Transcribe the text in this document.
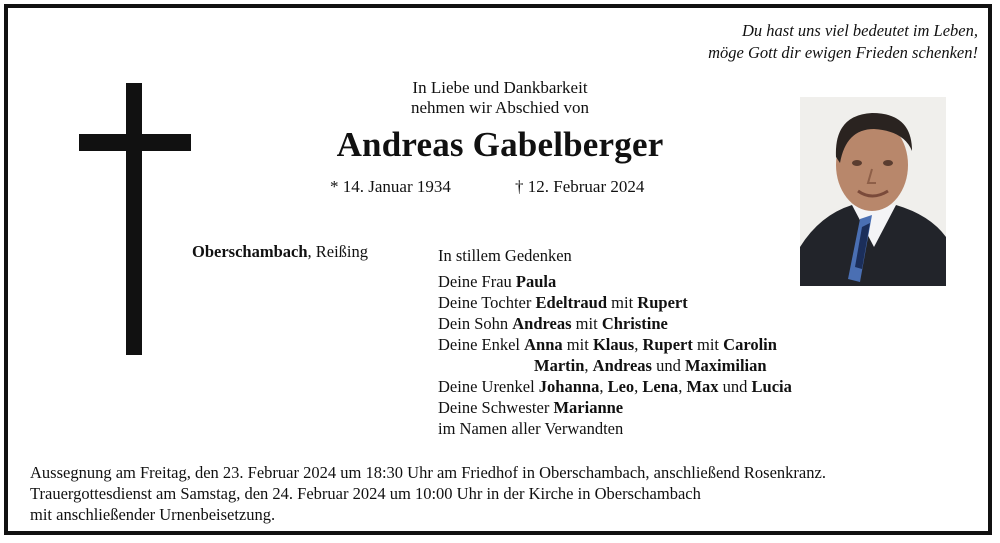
Du hast uns viel bedeutet im Leben,
möge Gott dir ewigen Frieden schenken!
In Liebe und Dankbarkeit
nehmen wir Abschied von
Andreas Gabelberger
* 14. Januar 1934	† 12. Februar 2024
Oberschambach, Reißing	In stillem Gedenken
Deine Frau Paula
Deine Tochter Edeltraud mit Rupert
Dein Sohn Andreas mit Christine
Deine Enkel Anna mit Klaus, Rupert mit Carolin
Martin, Andreas und Maximilian
Deine Urenkel Johanna, Leo, Lena, Max und Lucia
Deine Schwester Marianne
im Namen aller Verwandten
Aussegnung am Freitag, den 23. Februar 2024 um 18:30 Uhr am Friedhof in Oberschambach, anschließend Rosenkranz.
Trauergottesdienst am Samstag, den 24. Februar 2024 um 10:00 Uhr in der Kirche in Oberschambach
mit anschließender Urnenbeisetzung.
